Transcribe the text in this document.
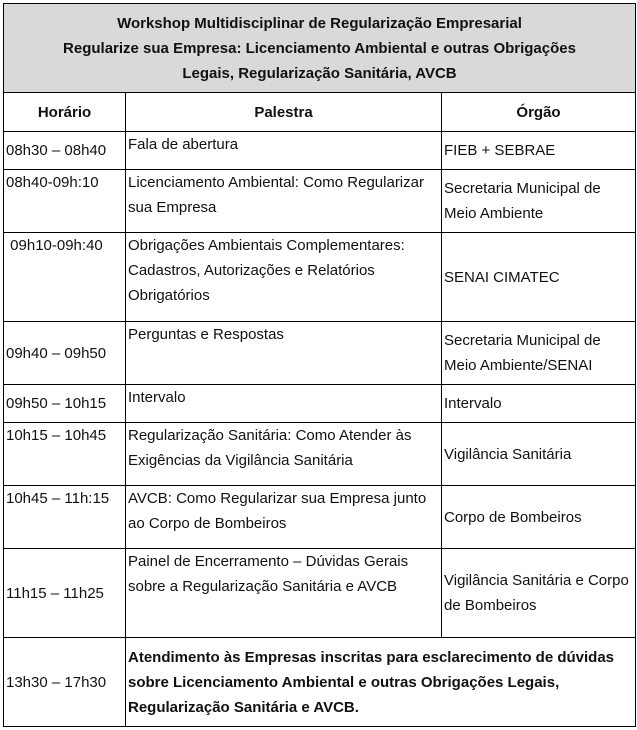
Workshop Multidisciplinar de Regularização Empresarial
Regularize sua Empresa: Licenciamento Ambiental e outras Obrigações
Legais, Regularização Sanitária, AVCB		

Horário	Palestra	Órgão
08h30 – 08h40	Fala de abertura	FIEB + SEBRAE
08h40-09h:10	Licenciamento Ambiental: Como Regularizar sua Empresa	Secretaria Municipal de Meio Ambiente
09h10-09h:40	Obrigações Ambientais Complementares: Cadastros, Autorizações e Relatórios Obrigatórios	SENAI CIMATEC
09h40 – 09h50	Perguntas e Respostas	Secretaria Municipal de Meio Ambiente/SENAI
09h50 – 10h15	Intervalo	Intervalo
10h15 – 10h45	Regularização Sanitária: Como Atender às Exigências da Vigilância Sanitária	Vigilância Sanitária
10h45 – 11h:15	AVCB: Como Regularizar sua Empresa junto ao Corpo de Bombeiros	Corpo de Bombeiros
11h15 – 11h25	Painel de Encerramento – Dúvidas Gerais sobre a Regularização Sanitária e AVCB	Vigilância Sanitária e Corpo de Bombeiros
13h30 – 17h30	Atendimento às Empresas inscritas para esclarecimento de dúvidas sobre Licenciamento Ambiental e outras Obrigações Legais, Regularização Sanitária e AVCB.	
